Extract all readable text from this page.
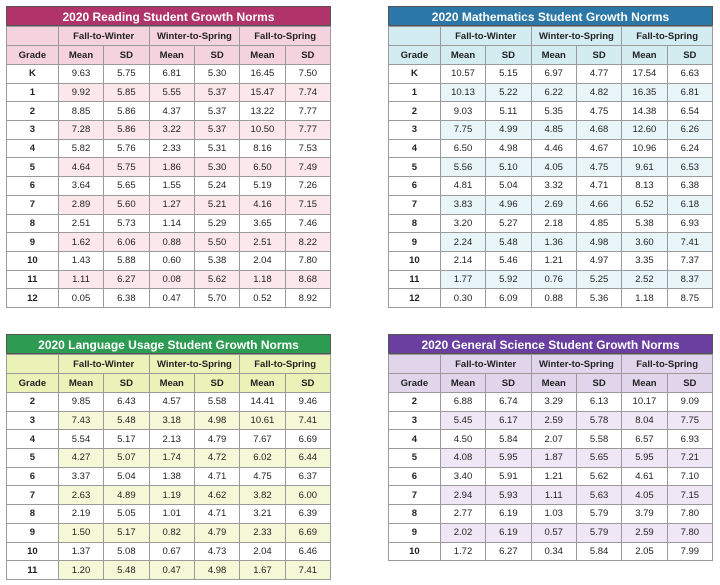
2020 Reading Student Growth Norms
	Fall-to-Winter		Winter-to-Spring		Fall-to-Spring	
Grade	Mean	SD	Mean	SD	Mean	SD
K	9.63	5.75	6.81	5.30	16.45	7.50
1	9.92	5.85	5.55	5.37	15.47	7.74
2	8.85	5.86	4.37	5.37	13.22	7.77
3	7.28	5.86	3.22	5.37	10.50	7.77
4	5.82	5.76	2.33	5.31	8.16	7.53
5	4.64	5.75	1.86	5.30	6.50	7.49
6	3.64	5.65	1.55	5.24	5.19	7.26
7	2.89	5.60	1.27	5.21	4.16	7.15
8	2.51	5.73	1.14	5.29	3.65	7.46
9	1.62	6.06	0.88	5.50	2.51	8.22
10	1.43	5.88	0.60	5.38	2.04	7.80
11	1.11	6.27	0.08	5.62	1.18	8.68
12	0.05	6.38	0.47	5.70	0.52	8.92
2020 Mathematics Student Growth Norms
	Fall-to-Winter		Winter-to-Spring		Fall-to-Spring	
Grade	Mean	SD	Mean	SD	Mean	SD
K	10.57	5.15	6.97	4.77	17.54	6.63
1	10.13	5.22	6.22	4.82	16.35	6.81
2	9.03	5.11	5.35	4.75	14.38	6.54
3	7.75	4.99	4.85	4.68	12.60	6.26
4	6.50	4.98	4.46	4.67	10.96	6.24
5	5.56	5.10	4.05	4.75	9.61	6.53
6	4.81	5.04	3.32	4.71	8.13	6.38
7	3.83	4.96	2.69	4.66	6.52	6.18
8	3.20	5.27	2.18	4.85	5.38	6.93
9	2.24	5.48	1.36	4.98	3.60	7.41
10	2.14	5.46	1.21	4.97	3.35	7.37
11	1.77	5.92	0.76	5.25	2.52	8.37
12	0.30	6.09	0.88	5.36	1.18	8.75
2020 Language Usage Student Growth Norms
	Fall-to-Winter		Winter-to-Spring		Fall-to-Spring	
Grade	Mean	SD	Mean	SD	Mean	SD
2	9.85	6.43	4.57	5.58	14.41	9.46
3	7.43	5.48	3.18	4.98	10.61	7.41
4	5.54	5.17	2.13	4.79	7.67	6.69
5	4.27	5.07	1.74	4.72	6.02	6.44
6	3.37	5.04	1.38	4.71	4.75	6.37
7	2.63	4.89	1.19	4.62	3.82	6.00
8	2.19	5.05	1.01	4.71	3.21	6.39
9	1.50	5.17	0.82	4.79	2.33	6.69
10	1.37	5.08	0.67	4.73	2.04	6.46
11	1.20	5.48	0.47	4.98	1.67	7.41
2020 General Science Student Growth Norms
	Fall-to-Winter		Winter-to-Spring		Fall-to-Spring	
Grade	Mean	SD	Mean	SD	Mean	SD
2	6.88	6.74	3.29	6.13	10.17	9.09
3	5.45	6.17	2.59	5.78	8.04	7.75
4	4.50	5.84	2.07	5.58	6.57	6.93
5	4.08	5.95	1.87	5.65	5.95	7.21
6	3.40	5.91	1.21	5.62	4.61	7.10
7	2.94	5.93	1.11	5.63	4.05	7.15
8	2.77	6.19	1.03	5.79	3.79	7.80
9	2.02	6.19	0.57	5.79	2.59	7.80
10	1.72	6.27	0.34	5.84	2.05	7.99
